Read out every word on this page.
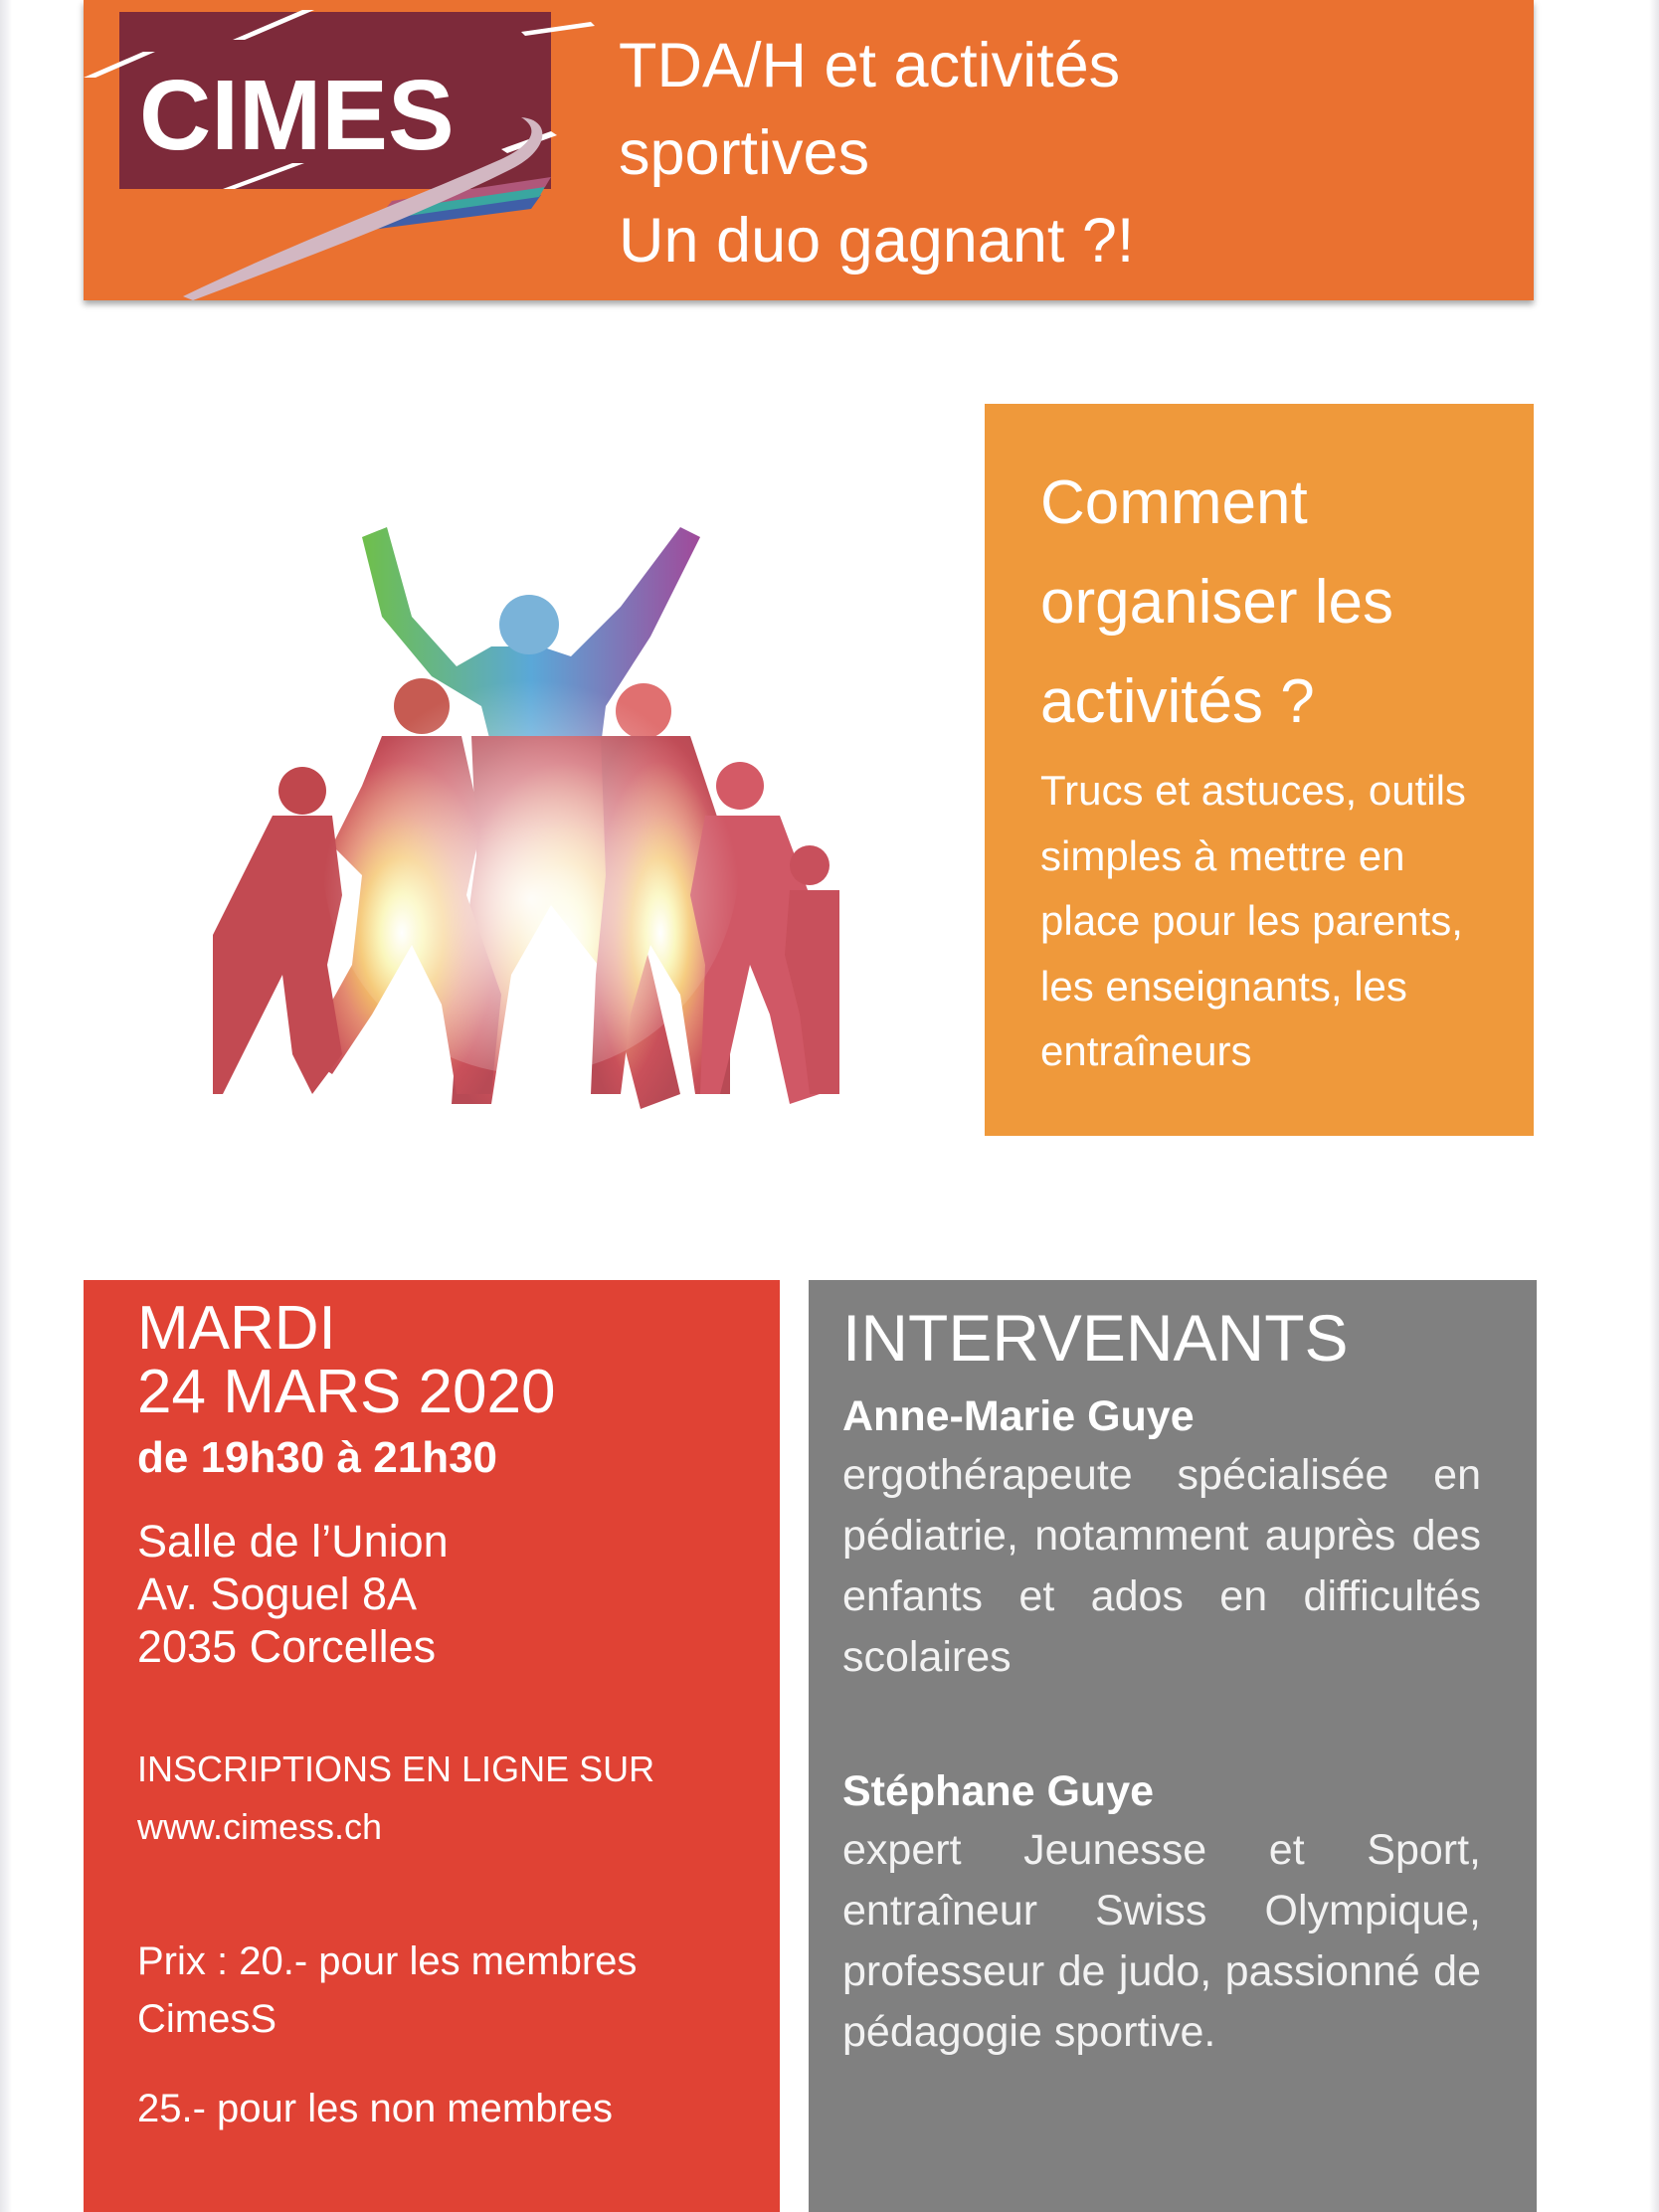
CIMES	TDA/H et activités
sportives
Un duo gagnant ?!
Comment
organiser les
activités ?
Trucs et astuces, outils
simples à mettre en
place pour les parents,
les enseignants, les
entraîneurs
MARDI
24 MARS 2020
de 19h30 à 21h30
Salle de l’Union
Av. Soguel 8A
2035 Corcelles
INSCRIPTIONS EN LIGNE SUR
www.cimess.ch
Prix : 20.- pour les membres
CimesS
25.- pour les non membres
INTERVENANTS
Anne-Marie Guye
ergothérapeute spécialisée en pédiatrie, notamment auprès des enfants et ados en difficultés scolaires
Stéphane Guye
expert Jeunesse et Sport, entraîneur Swiss Olympique, professeur de judo, passionné de pédagogie sportive.
